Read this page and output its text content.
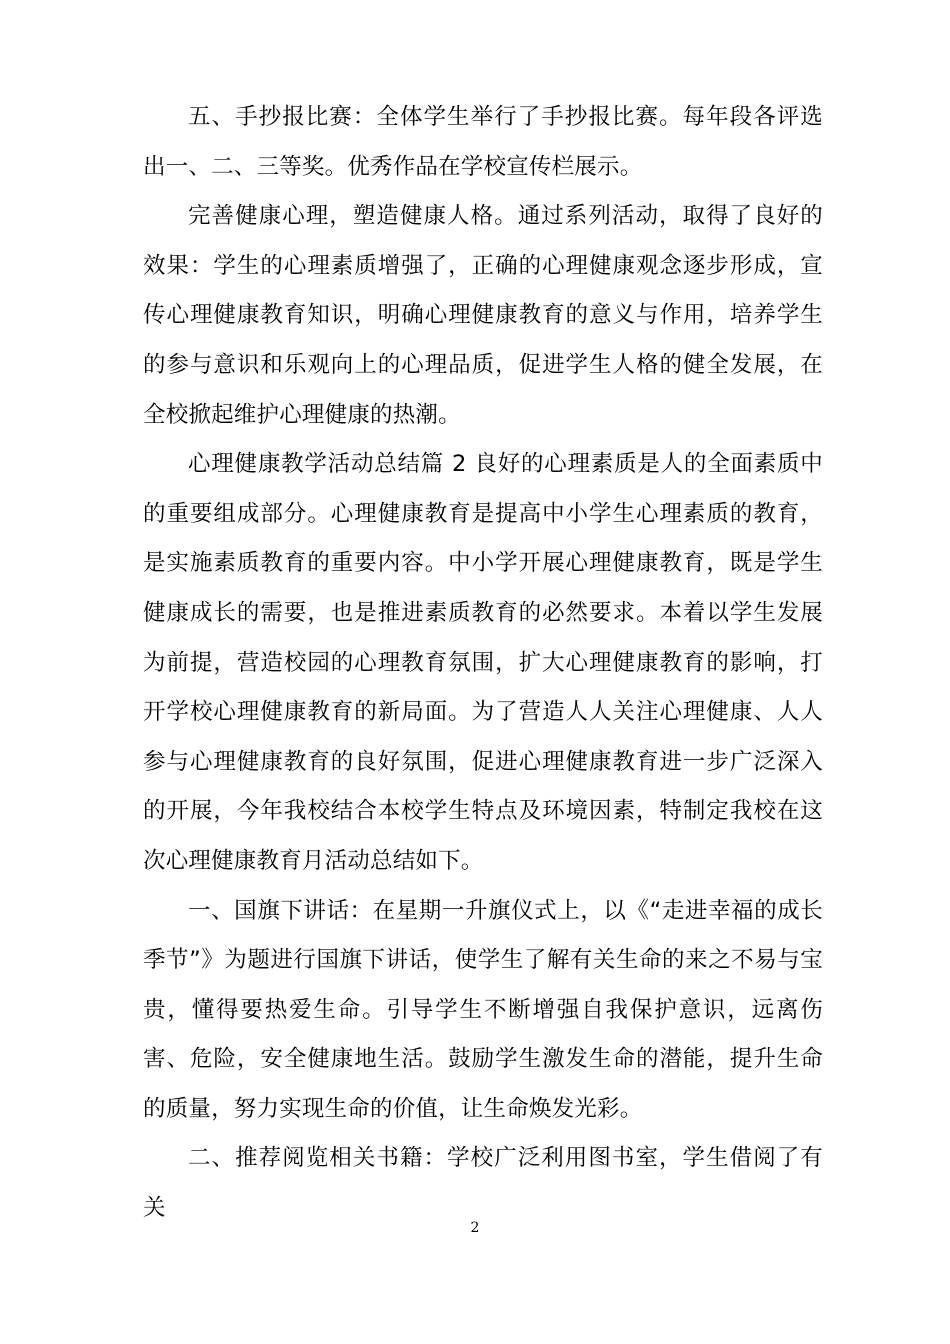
五、手抄报比赛：全体学生举行了手抄报比赛。每年段各评选出一、二、三等奖。优秀作品在学校宣传栏展示。

完善健康心理，塑造健康人格。通过系列活动，取得了良好的效果：学生的心理素质增强了，正确的心理健康观念逐步形成，宣传心理健康教育知识，明确心理健康教育的意义与作用，培养学生的参与意识和乐观向上的心理品质，促进学生人格的健全发展，在全校掀起维护心理健康的热潮。

心理健康教学活动总结篇 2 良好的心理素质是人的全面素质中的重要组成部分。心理健康教育是提高中小学生心理素质的教育，是实施素质教育的重要内容。中小学开展心理健康教育，既是学生健康成长的需要，也是推进素质教育的必然要求。本着以学生发展为前提，营造校园的心理教育氛围，扩大心理健康教育的影响，打开学校心理健康教育的新局面。为了营造人人关注心理健康、人人参与心理健康教育的良好氛围，促进心理健康教育进一步广泛深入的开展，今年我校结合本校学生特点及环境因素，特制定我校在这次心理健康教育月活动总结如下。

一、国旗下讲话：在星期一升旗仪式上，以《“走进幸福的成长季节”》为题进行国旗下讲话，使学生了解有关生命的来之不易与宝贵，懂得要热爱生命。引导学生不断增强自我保护意识，远离伤害、危险，安全健康地生活。鼓励学生激发生命的潜能，提升生命的质量，努力实现生命的价值，让生命焕发光彩。

二、推荐阅览相关书籍：学校广泛利用图书室，学生借阅了有关

2
